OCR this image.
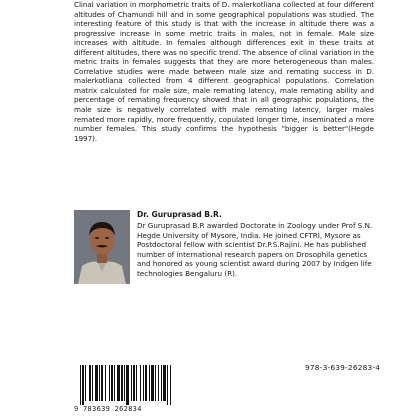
Clinal variation in morphometric traits of D. malerkotliana collected at four different altitudes of Chamundi hill and in some geographical populations was studied. The interesting feature of this study is that with the increase in altitude there was a progressive increase in some metric traits in males, not in female. Male size increases with altitude. In females although differences exit in these traits at different altitudes, there was no specific trend. The absence of clinal variation in the metric traits in females suggests that they are more heterogeneous than males. Correlative studies were made between male size and remating success in D. malerkotliana collected from 4 different geographical populations. Correlation matrix calculated for male size, male remating latency, male remating ability and percentage of remating frequency showed that in all geographic populations, the male size is negatively correlated with male remating latency, larger males remated more rapidly, more frequently, copulated longer time, inseminated a more number females. This study confirms the hypothesis "bigger is better"(Hegde 1997).
Dr. Guruprasad B.R.
Dr Guruprasad B.R awarded Doctorate in Zoology under Prof S.N. Hegde University of Mysore, India. He joined CFTRI, Mysore as Postdoctoral fellow with scientist Dr.P.S.Rajini. He has published number of international research papers on Drosophila genetics and honored as young scientist award during 2007 by Indgen life technologies Bengaluru (R).
9 783639 262834
978-3-639-26283-4
